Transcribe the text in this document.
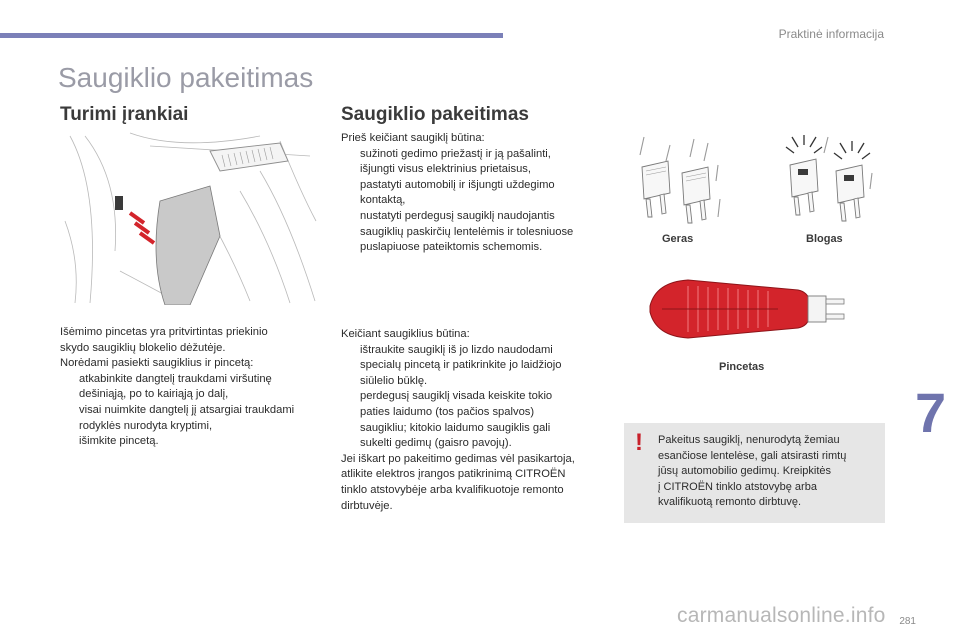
Praktinė informacija
Saugiklio pakeitimas
Turimi įrankiai

Išėmimo pincetas yra pritvirtintas priekinio

skydo saugiklių blokelio dėžutėje.

Norėdami pasiekti saugiklius ir pincetą:

atkabinkite dangtelį traukdami viršutinę
dešiniąją, po to kairiąją jo dalį,
visai nuimkite dangtelį jį atsargiai traukdami
rodyklės nurodyta kryptimi,
išimkite pincetą.
Saugiklio pakeitimas

Prieš keičiant saugiklį būtina:

sužinoti gedimo priežastį ir ją pašalinti,
išjungti visus elektrinius prietaisus,
pastatyti automobilį ir išjungti uždegimo
kontaktą,
nustatyti perdegusį saugiklį naudojantis
saugiklių paskirčių lentelėmis ir tolesniuose
puslapiuose pateiktomis schemomis.

Keičiant saugiklius būtina:

ištraukite saugiklį iš jo lizdo naudodami
specialų pincetą ir patikrinkite jo laidžiojo
siūlelio būklę.
perdegusį saugiklį visada keiskite tokio
paties laidumo (tos pačios spalvos)
saugikliu; kitokio laidumo saugiklis gali
sukelti gedimų (gaisro pavojų).

Jei iškart po pakeitimo gedimas vėl pasikartoja,

atlikite elektros įrangos patikrinimą CITROËN

tinklo atstovybėje arba kvalifikuotoje remonto

dirbtuvėje.

Geras	Blogas
Pincetas
7
! Pakeitus saugiklį, nenurodytą žemiau
esančiose lentelėse, gali atsirasti rimtų
jūsų automobilio gedimų. Kreipkitės
į CITROËN tinklo atstovybę arba
kvalifikuotą remonto dirbtuvę.
carmanualsonline.info 281
